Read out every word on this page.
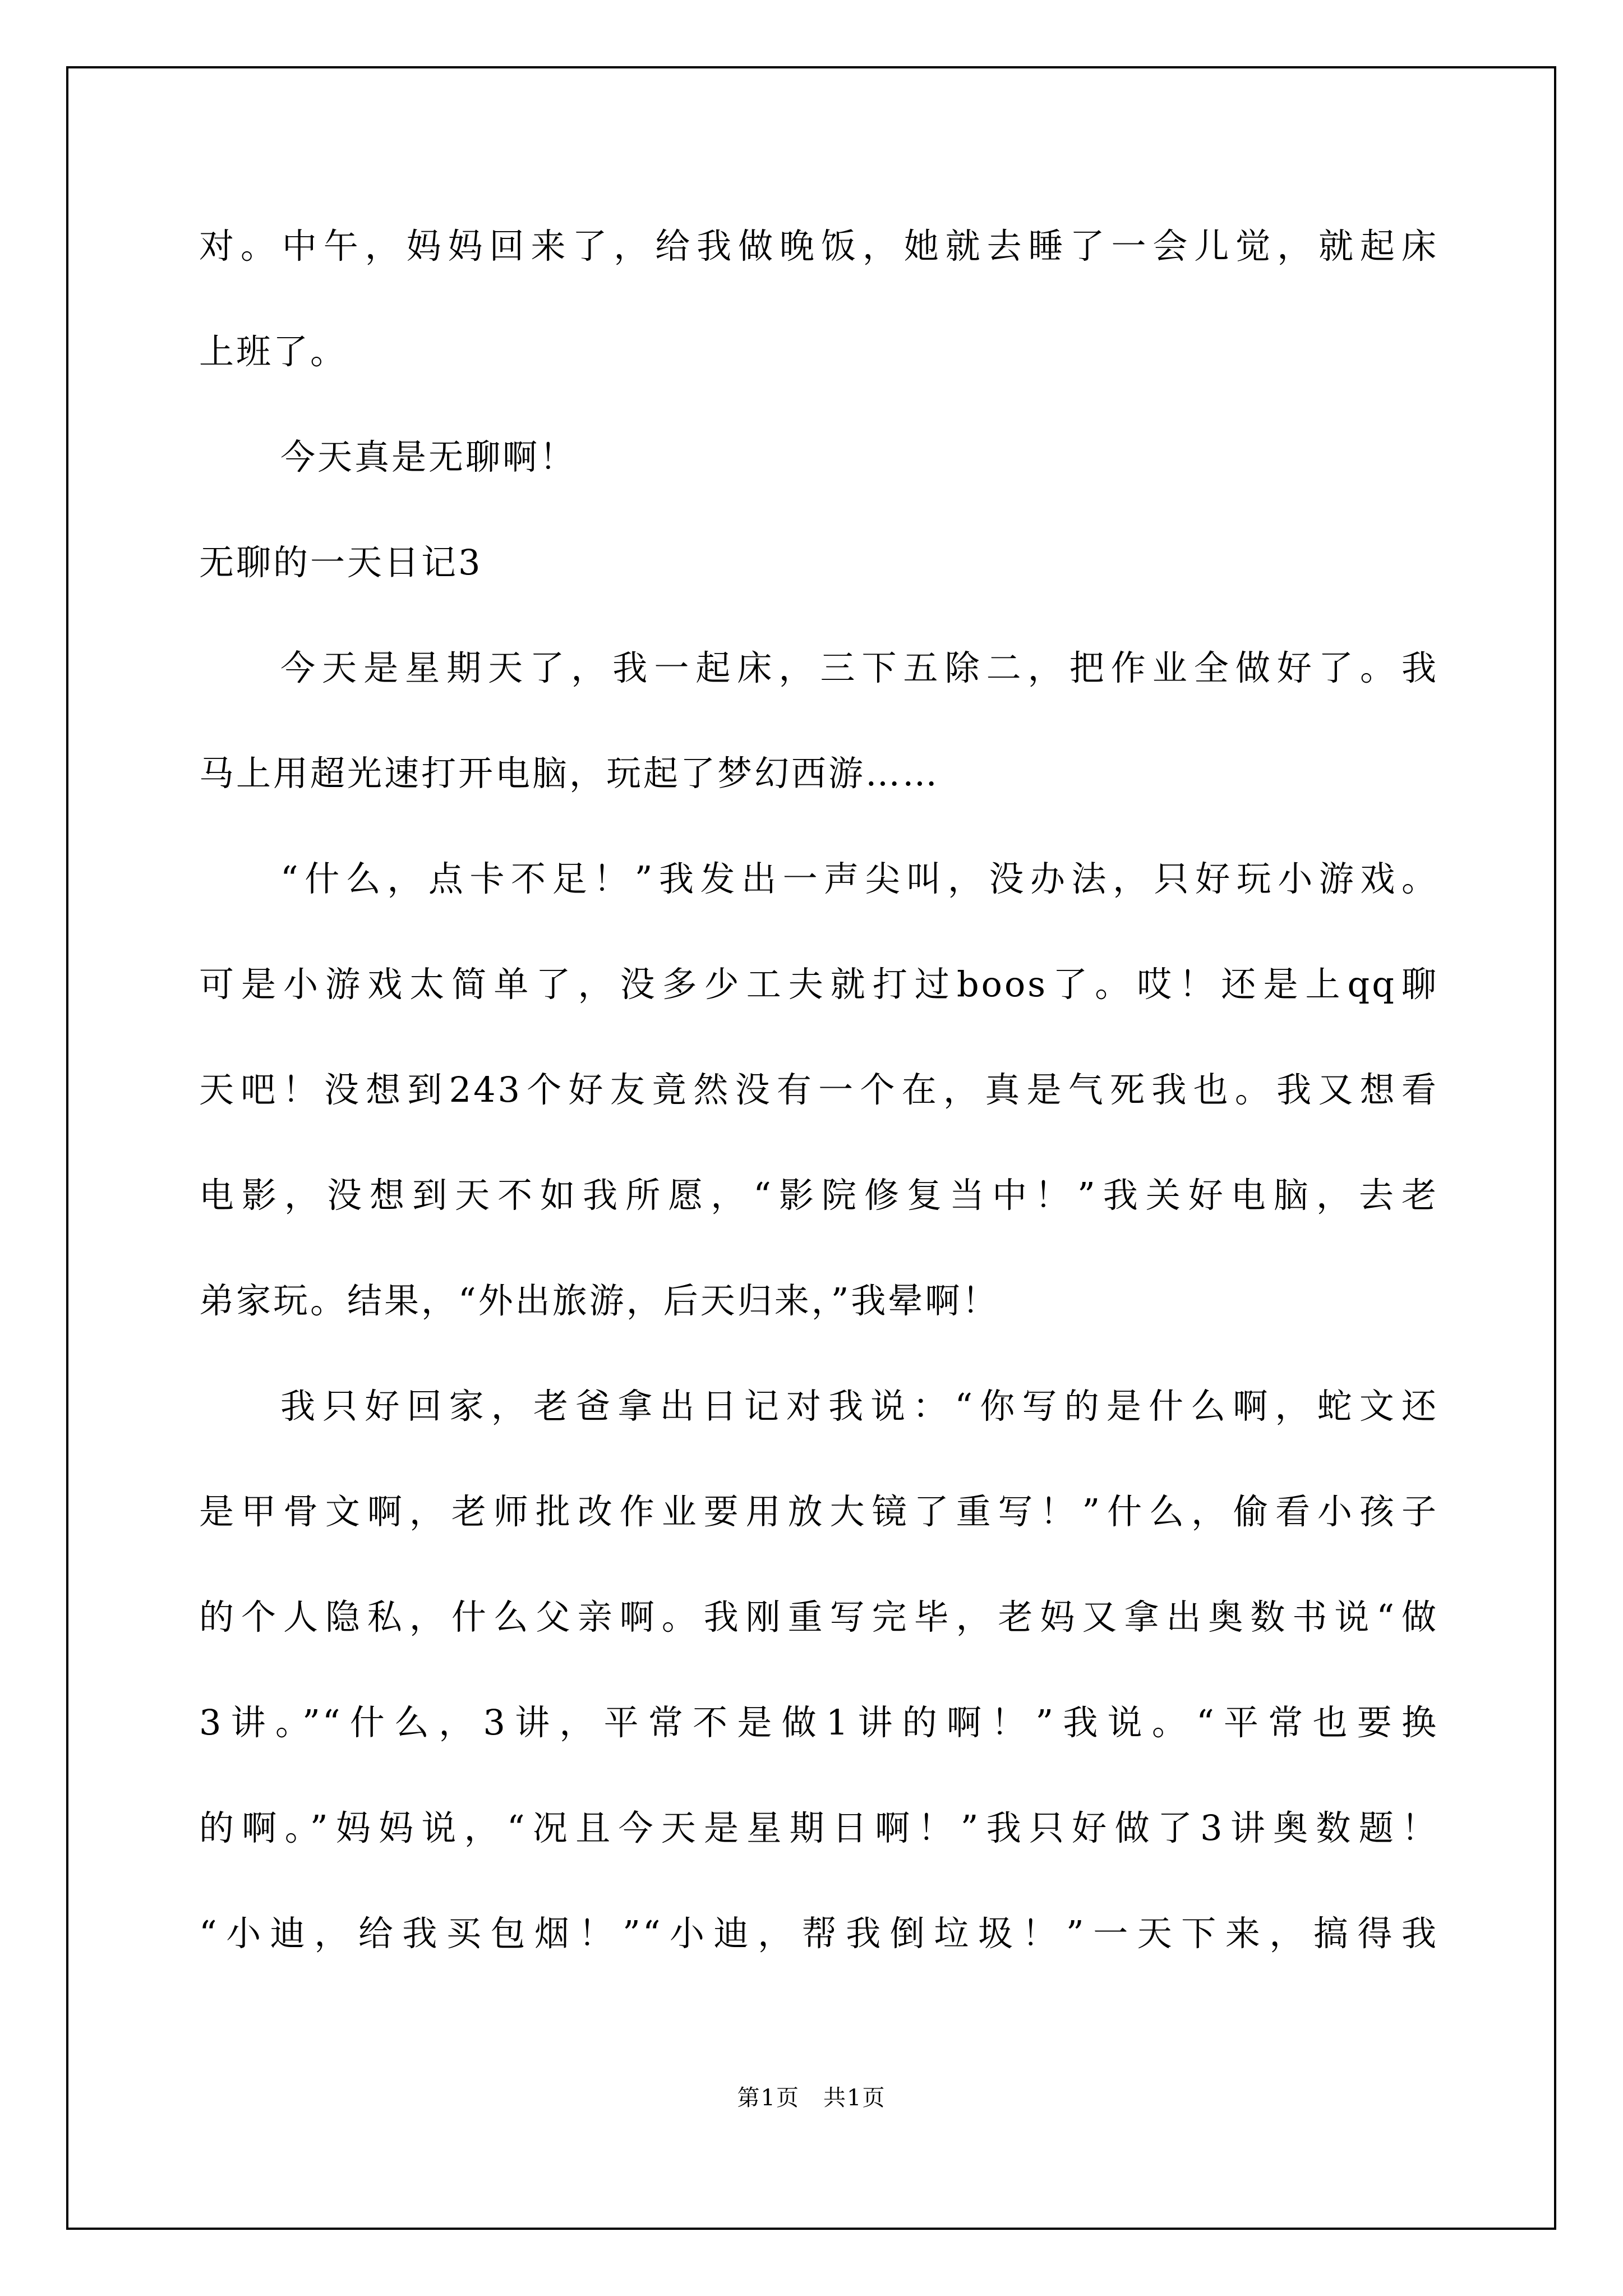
对。中午，妈妈回来了，给我做晚饭，她就去睡了一会儿觉，就起床
上班了。
今天真是无聊啊！
无聊的一天日记3
今天是星期天了，我一起床，三下五除二，把作业全做好了。我
马上用超光速打开电脑，玩起了梦幻西游……
“什么，点卡不足！”我发出一声尖叫，没办法，只好玩小游戏。
可是小游戏太简单了，没多少工夫就打过boos了。哎！还是上qq聊
天吧！没想到243个好友竟然没有一个在，真是气死我也。我又想看
电影，没想到天不如我所愿，“影院修复当中！”我关好电脑，去老
弟家玩。结果，“外出旅游，后天归来，”我晕啊！
我只好回家，老爸拿出日记对我说：“你写的是什么啊，蛇文还
是甲骨文啊，老师批改作业要用放大镜了重写！”什么，偷看小孩子
的个人隐私，什么父亲啊。我刚重写完毕，老妈又拿出奥数书说“做
3讲。”“什么，3讲，平常不是做1讲的啊！”我说。“平常也要换
的啊。”妈妈说，“况且今天是星期日啊！”我只好做了3讲奥数题！
“小迪，给我买包烟！”“小迪，帮我倒垃圾！”一天下来，搞得我
第1页　共1页
